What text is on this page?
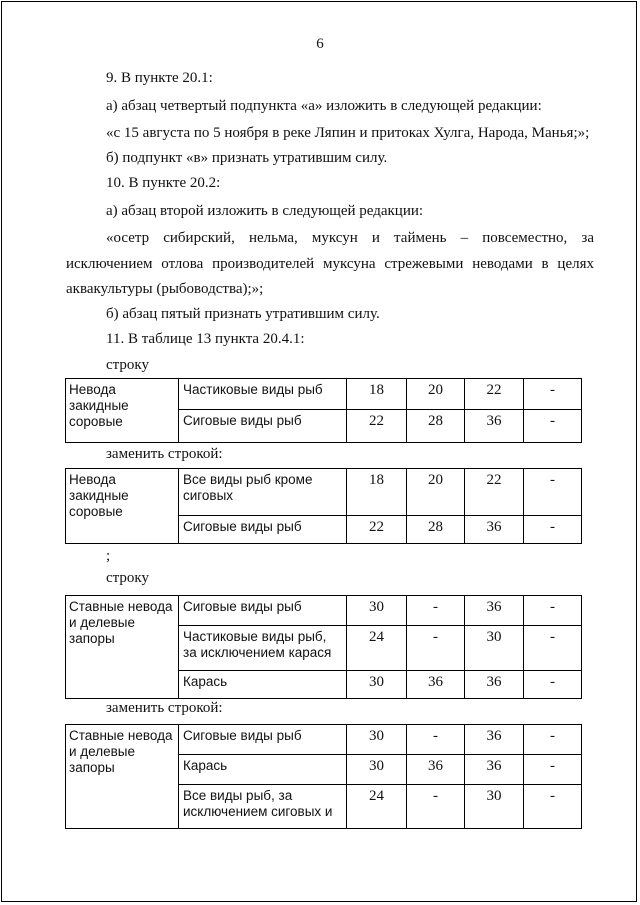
6
9. В пункте 20.1:
а) абзац четвертый подпункта «а» изложить в следующей редакции:
«с 15 августа по 5 ноября в реке Ляпин и притоках Хулга, Народа, Манья;»;
б) подпункт «в» признать утратившим силу.
10. В пункте 20.2:
а) абзац второй изложить в следующей редакции:
«осетр сибирский, нельма, муксун и таймень – повсеместно, за
исключением отлова производителей муксуна стрежевыми неводами в целях
аквакультуры (рыбоводства);»;
б) абзац пятый признать утратившим силу.
11. В таблице 13 пункта 20.4.1:
строку
Невода закидные соровые	Частиковые виды рыб	18	20	22	-
	Сиговые виды рыб	22	28	36	-
заменить строкой:
Невода закидные соровые	Все виды рыб кроме сиговых	18	20	22	-
	Сиговые виды рыб	22	28	36	-
;
строку
Ставные невода и делевые запоры	Сиговые виды рыб	30	-	36	-
	Частиковые виды рыб, за исключением карася	24	-	30	-
	Карась	30	36	36	-
заменить строкой:
Ставные невода и делевые запоры	Сиговые виды рыб	30	-	36	-
	Карась	30	36	36	-
	Все виды рыб, за исключением сиговых и	24	-	30	-
